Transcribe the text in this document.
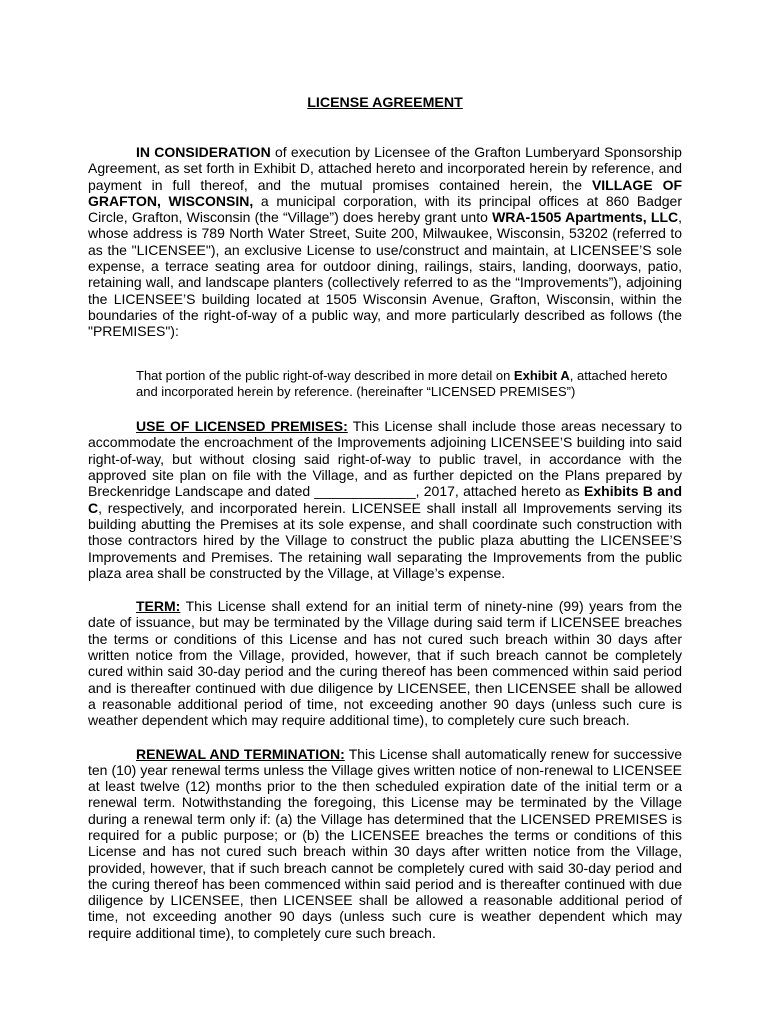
LICENSE AGREEMENT

IN CONSIDERATION of execution by Licensee of the Grafton Lumberyard Sponsorship Agreement, as set forth in Exhibit D, attached hereto and incorporated herein by reference, and payment in full thereof, and the mutual promises contained herein, the VILLAGE OF GRAFTON, WISCONSIN, a municipal corporation, with its principal offices at 860 Badger Circle, Grafton, Wisconsin (the “Village”) does hereby grant unto WRA-1505 Apartments, LLC, whose address is 789 North Water Street, Suite 200, Milwaukee, Wisconsin, 53202 (referred to as the "LICENSEE"), an exclusive License to use/construct and maintain, at LICENSEE’S sole expense, a terrace seating area for outdoor dining, railings, stairs, landing, doorways, patio, retaining wall, and landscape planters (collectively referred to as the “Improvements”), adjoining the LICENSEE’S building located at 1505 Wisconsin Avenue, Grafton, Wisconsin, within the boundaries of the right-of-way of a public way, and more particularly described as follows (the "PREMISES"):

That portion of the public right-of-way described in more detail on Exhibit A, attached hereto and incorporated herein by reference. (hereinafter “LICENSED PREMISES”)

USE OF LICENSED PREMISES: This License shall include those areas necessary to accommodate the encroachment of the Improvements adjoining LICENSEE’S building into said right-of-way, but without closing said right-of-way to public travel, in accordance with the approved site plan on file with the Village, and as further depicted on the Plans prepared by Breckenridge Landscape and dated _____________, 2017, attached hereto as Exhibits B and C, respectively, and incorporated herein. LICENSEE shall install all Improvements serving its building abutting the Premises at its sole expense, and shall coordinate such construction with those contractors hired by the Village to construct the public plaza abutting the LICENSEE’S Improvements and Premises. The retaining wall separating the Improvements from the public plaza area shall be constructed by the Village, at Village’s expense.

TERM: This License shall extend for an initial term of ninety-nine (99) years from the date of issuance, but may be terminated by the Village during said term if LICENSEE breaches the terms or conditions of this License and has not cured such breach within 30 days after written notice from the Village, provided, however, that if such breach cannot be completely cured within said 30-day period and the curing thereof has been commenced within said period and is thereafter continued with due diligence by LICENSEE, then LICENSEE shall be allowed a reasonable additional period of time, not exceeding another 90 days (unless such cure is weather dependent which may require additional time), to completely cure such breach.

RENEWAL AND TERMINATION: This License shall automatically renew for successive ten (10) year renewal terms unless the Village gives written notice of non-renewal to LICENSEE at least twelve (12) months prior to the then scheduled expiration date of the initial term or a renewal term. Notwithstanding the foregoing, this License may be terminated by the Village during a renewal term only if: (a) the Village has determined that the LICENSED PREMISES is required for a public purpose; or (b) the LICENSEE breaches the terms or conditions of this License and has not cured such breach within 30 days after written notice from the Village, provided, however, that if such breach cannot be completely cured with said 30-day period and the curing thereof has been commenced within said period and is thereafter continued with due diligence by LICENSEE, then LICENSEE shall be allowed a reasonable additional period of time, not exceeding another 90 days (unless such cure is weather dependent which may require additional time), to completely cure such breach.
